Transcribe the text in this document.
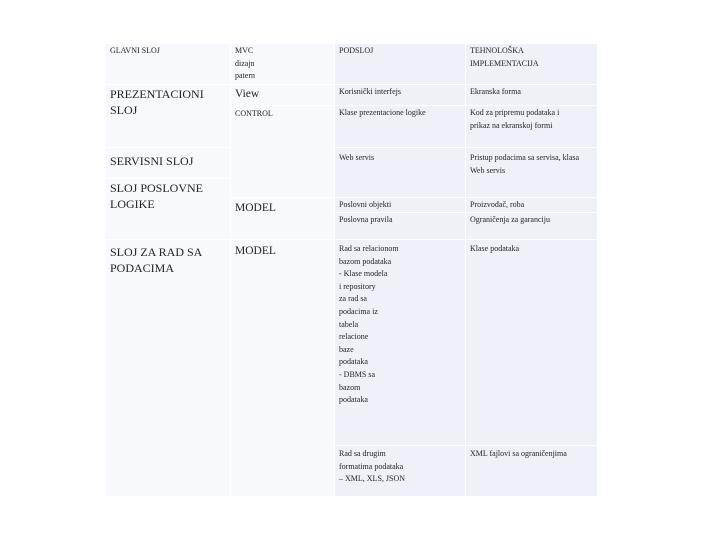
GLAVNI SLOJ
PREZENTACIONI
SLOJ
SERVISNI SLOJ
SLOJ POSLOVNE
LOGIKE
SLOJ ZA RAD SA
PODACIMA
MVC
dizajn
patern
View
CONTROL
MODEL
MODEL
PODSLOJ
Korisnički interfejs
Klase prezentacione logike
Web servis
Poslovni objekti
Poslovna pravila
Rad sa relacionom
bazom podataka
- Klase modela
i repository
za rad sa
podacima iz
tabela
relacione
baze
podataka
- DBMS sa
bazom
podataka
Rad sa drugim
formatima podataka
– XML, XLS, JSON
TEHNOLOŠKA
IMPLEMENTACIJA
Ekranska forma
Kod za pripremu podataka i
prikaz na ekranskoj formi
Pristup podacima sa servisa, klasa
Web servis
Proizvođač, roba
Ograničenja za garanciju
Klase podataka
XML fajlovi sa ograničenjima
